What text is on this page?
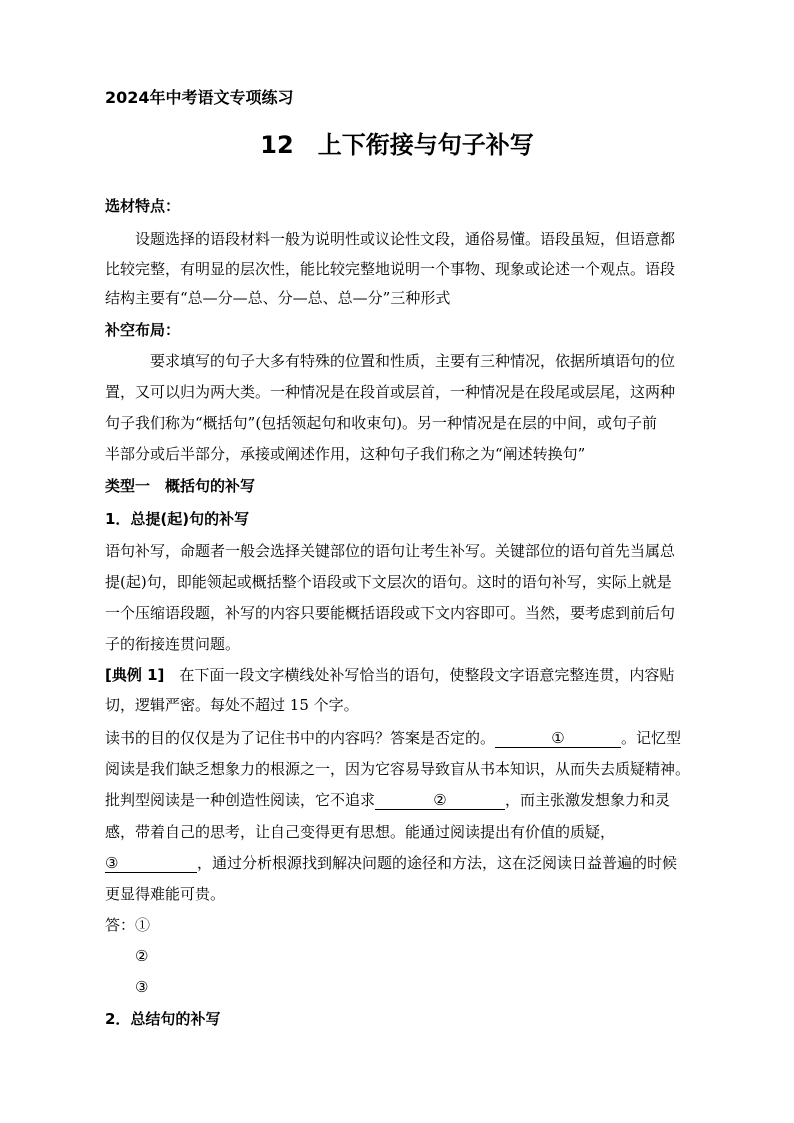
2024年中考语文专项练习
12　上下衔接与句子补写
选材特点：
设题选择的语段材料一般为说明性或议论性文段，通俗易懂。语段虽短，但语意都
比较完整，有明显的层次性，能比较完整地说明一个事物、现象或论述一个观点。语段
结构主要有“总—分—总、分—总、总—分”三种形式
补空布局：
要求填写的句子大多有特殊的位置和性质，主要有三种情况，依据所填语句的位
置，又可以归为两大类。一种情况是在段首或层首，一种情况是在段尾或层尾，这两种
句子我们称为“概括句”(包括领起句和收束句)。另一种情况是在层的中间，或句子前
半部分或后半部分，承接或阐述作用，这种句子我们称之为“阐述转换句”
类型一　概括句的补写
1．总提(起)句的补写
语句补写，命题者一般会选择关键部位的语句让考生补写。关键部位的语句首先当属总
提(起)句，即能领起或概括整个语段或下文层次的语句。这时的语句补写，实际上就是
一个压缩语段题，补写的内容只要能概括语段或下文内容即可。当然，要考虑到前后句
子的衔接连贯问题。
[典例 1]　在下面一段文字横线处补写恰当的语句，使整段文字语意完整连贯，内容贴
切，逻辑严密。每处不超过 15 个字。
读书的目的仅仅是为了记住书中的内容吗？答案是否定的。	①	。记忆型
阅读是我们缺乏想象力的根源之一，因为它容易导致盲从书本知识，从而失去质疑精神。
批判型阅读是一种创造性阅读，它不追求	②	，而主张激发想象力和灵
感，带着自己的思考，让自己变得更有思想。能通过阅读提出有价值的质疑，
③	，通过分析根源找到解决问题的途径和方法，这在泛阅读日益普遍的时候
更显得难能可贵。
答：①
②
③
2．总结句的补写
